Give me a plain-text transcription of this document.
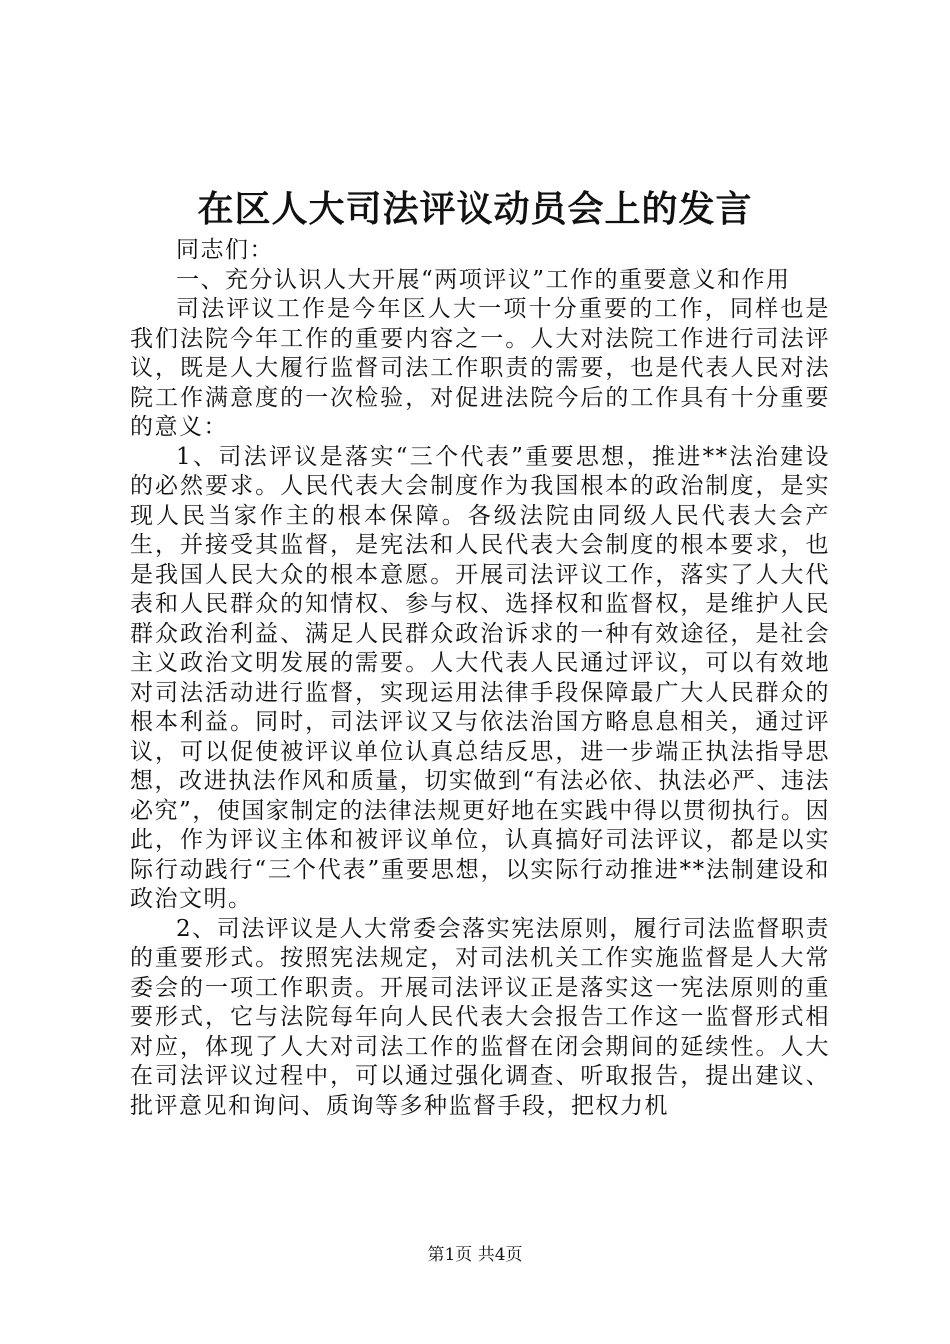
在区人大司法评议动员会上的发言

同志们：

一、充分认识人大开展“两项评议”工作的重要意义和作用

司法评议工作是今年区人大一项十分重要的工作，同样也是我们法院今年工作的重要内容之一。人大对法院工作进行司法评议，既是人大履行监督司法工作职责的需要，也是代表人民对法院工作满意度的一次检验，对促进法院今后的工作具有十分重要的意义：

1、司法评议是落实“三个代表”重要思想，推进**法治建设的必然要求。人民代表大会制度作为我国根本的政治制度，是实现人民当家作主的根本保障。各级法院由同级人民代表大会产生，并接受其监督，是宪法和人民代表大会制度的根本要求，也是我国人民大众的根本意愿。开展司法评议工作，落实了人大代表和人民群众的知情权、参与权、选择权和监督权，是维护人民群众政治利益、满足人民群众政治诉求的一种有效途径，是社会主义政治文明发展的需要。人大代表人民通过评议，可以有效地对司法活动进行监督，实现运用法律手段保障最广大人民群众的根本利益。同时，司法评议又与依法治国方略息息相关，通过评议，可以促使被评议单位认真总结反思，进一步端正执法指导思想，改进执法作风和质量，切实做到“有法必依、执法必严、违法必究”，使国家制定的法律法规更好地在实践中得以贯彻执行。因此，作为评议主体和被评议单位，认真搞好司法评议，都是以实际行动践行“三个代表”重要思想，以实际行动推进**法制建设和政治文明。

2、司法评议是人大常委会落实宪法原则，履行司法监督职责的重要形式。按照宪法规定，对司法机关工作实施监督是人大常委会的一项工作职责。开展司法评议正是落实这一宪法原则的重要形式，它与法院每年向人民代表大会报告工作这一监督形式相对应，体现了人大对司法工作的监督在闭会期间的延续性。人大在司法评议过程中，可以通过强化调查、听取报告，提出建议、批评意见和询问、质询等多种监督手段，把权力机

第1页 共4页
